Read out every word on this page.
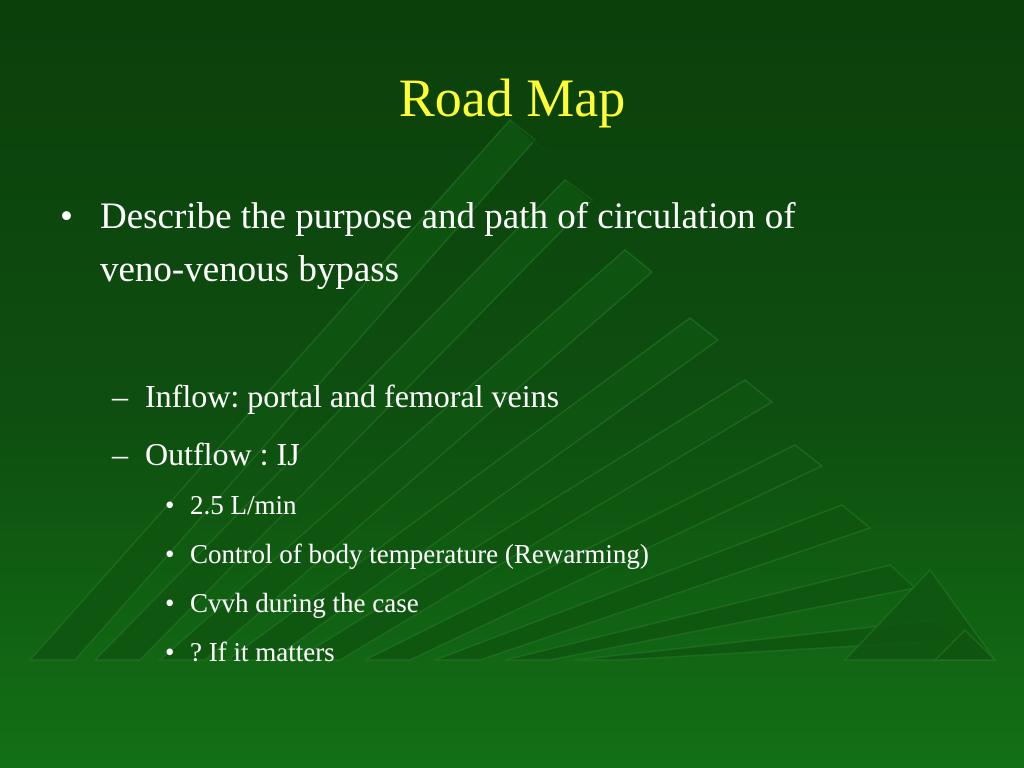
Road Map
• Describe the purpose and path of circulation of

veno-venous bypass

– Inflow: portal and femoral veins

– Outflow : IJ

• 2.5 L/min

• Control of body temperature (Rewarming)

• Cvvh during the case

• ? If it matters
